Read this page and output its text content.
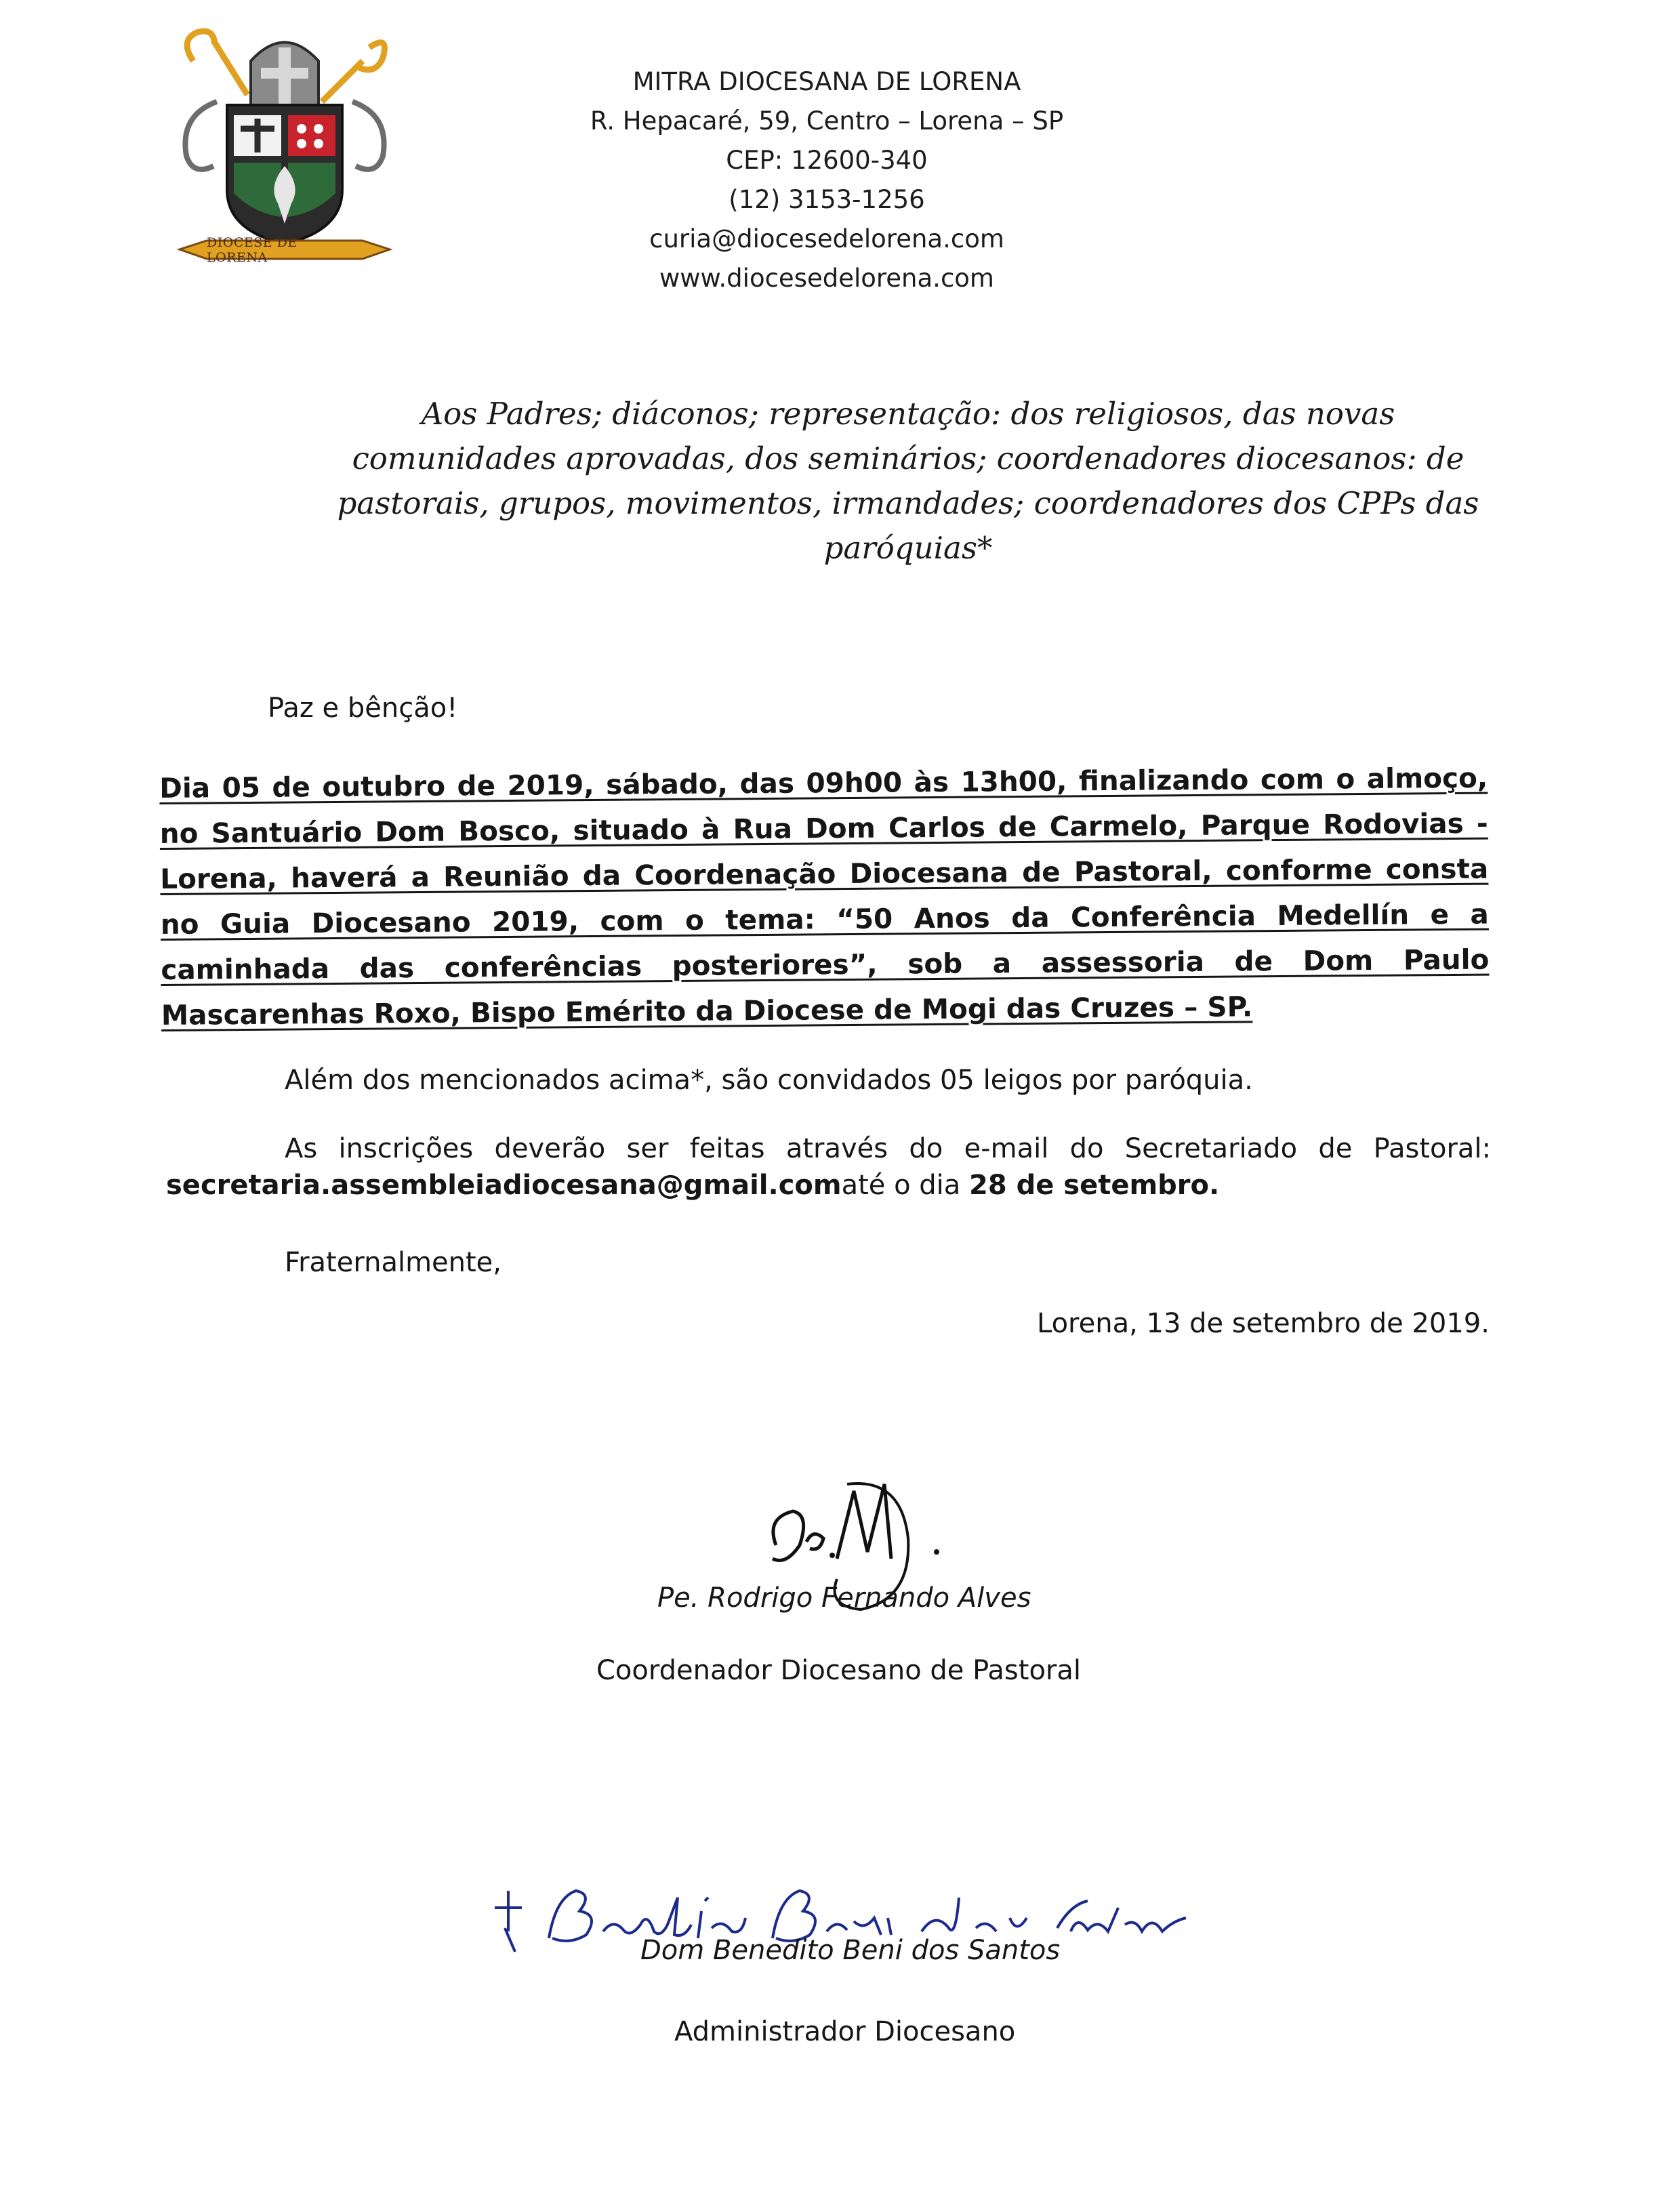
DIOCESE DE LORENA
MITRA DIOCESANA DE LORENA
R. Hepacaré, 59, Centro – Lorena – SP
CEP: 12600-340
(12) 3153-1256
curia@diocesedelorena.com
www.diocesedelorena.com
Aos Padres; diáconos; representação: dos religiosos, das novas comunidades aprovadas, dos seminários; coordenadores diocesanos: de pastorais, grupos, movimentos, irmandades; coordenadores dos CPPs das paróquias*
Paz e bênção!
Dia 05 de outubro de 2019, sábado, das 09h00 às 13h00, finalizando com o almoço, no Santuário Dom Bosco, situado à Rua Dom Carlos de Carmelo, Parque Rodovias - Lorena, haverá a Reunião da Coordenação Diocesana de Pastoral, conforme consta no Guia Diocesano 2019, com o tema: “50 Anos da Conferência Medellín e a caminhada das conferências posteriores”, sob a assessoria de Dom Paulo Mascarenhas Roxo, Bispo Emérito da Diocese de Mogi das Cruzes – SP.
Além dos mencionados acima*, são convidados 05 leigos por paróquia.
As inscrições deverão ser feitas através do e-mail do Secretariado de Pastoral:
secretaria.assembleiadiocesana@gmail.comaté o dia 28 de setembro.
Fraternalmente,
Lorena, 13 de setembro de 2019.
Pe. Rodrigo Fernando Alves
Coordenador Diocesano de Pastoral
Dom Benedito Beni dos Santos
Administrador Diocesano
